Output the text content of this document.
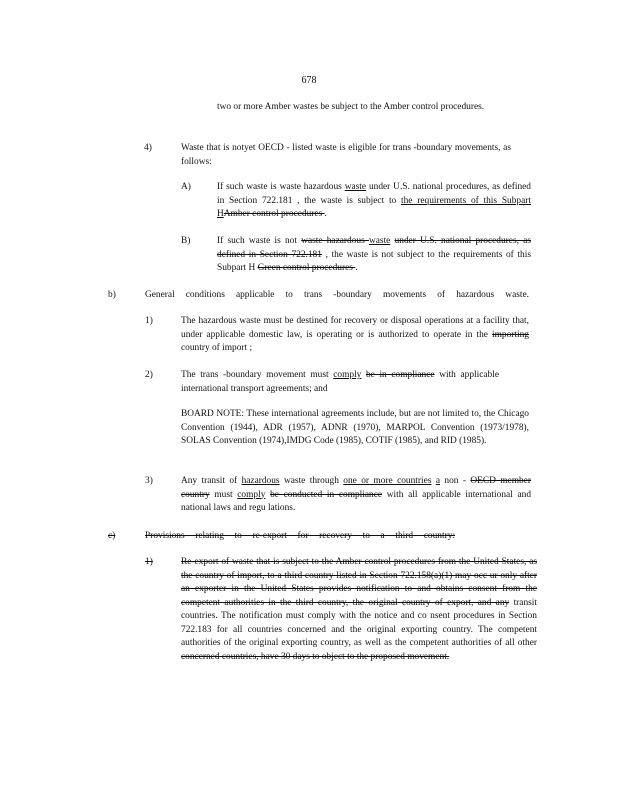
678
two or more Amber wastes be subject to the Amber control procedures.
4)	Waste that is notyet OECD - listed waste is eligible for trans -boundary movements, as follows:
A)	If such waste is waste hazardous waste under U.S. national procedures, as defined in Section 722.181 , the waste is subject to the requirements of this Subpart HAmber control procedures .
B)	If such waste is not waste hazardous waste under U.S. national procedures, as defined in Section 722.181 , the waste is not subject to the requirements of this Subpart H Green control procedures .
b)	General conditions applicable to trans -boundary movements of hazardous waste.
1)	The hazardous waste must be destined for recovery or disposal operations at a facility that, under applicable domestic law, is operating or is authorized to operate in the importing country of import ;
2)	The trans -boundary movement must comply be in compliance with applicable international transport agreements; and
BOARD NOTE: These international agreements include, but are not limited to, the Chicago Convention (1944), ADR (1957), ADNR (1970), MARPOL Convention (1973/1978), SOLAS Convention (1974),IMDG Code (1985), COTIF (1985), and RID (1985).
3)	Any transit of hazardous waste through one or more countries a non - OECD member country must comply be conducted in compliance with all applicable international and national laws and regu lations.
c)	Provisions relating to re-export for recovery to a third country:
1)	Re-export of waste that is subject to the Amber control procedures from the United States, as the country of import, to a third country listed in Section 722.158(a)(1) may occ ur only after an exporter in the United States provides notification to and obtains consent from the competent authorities in the third country, the original country of export, and any transit countries. The notification must comply with the notice and co nsent procedures in Section 722.183 for all countries concerned and the original exporting country. The competent authorities of the original exporting country, as well as the competent authorities of all other concerned countries, have 30 days to object to the proposed movement.
